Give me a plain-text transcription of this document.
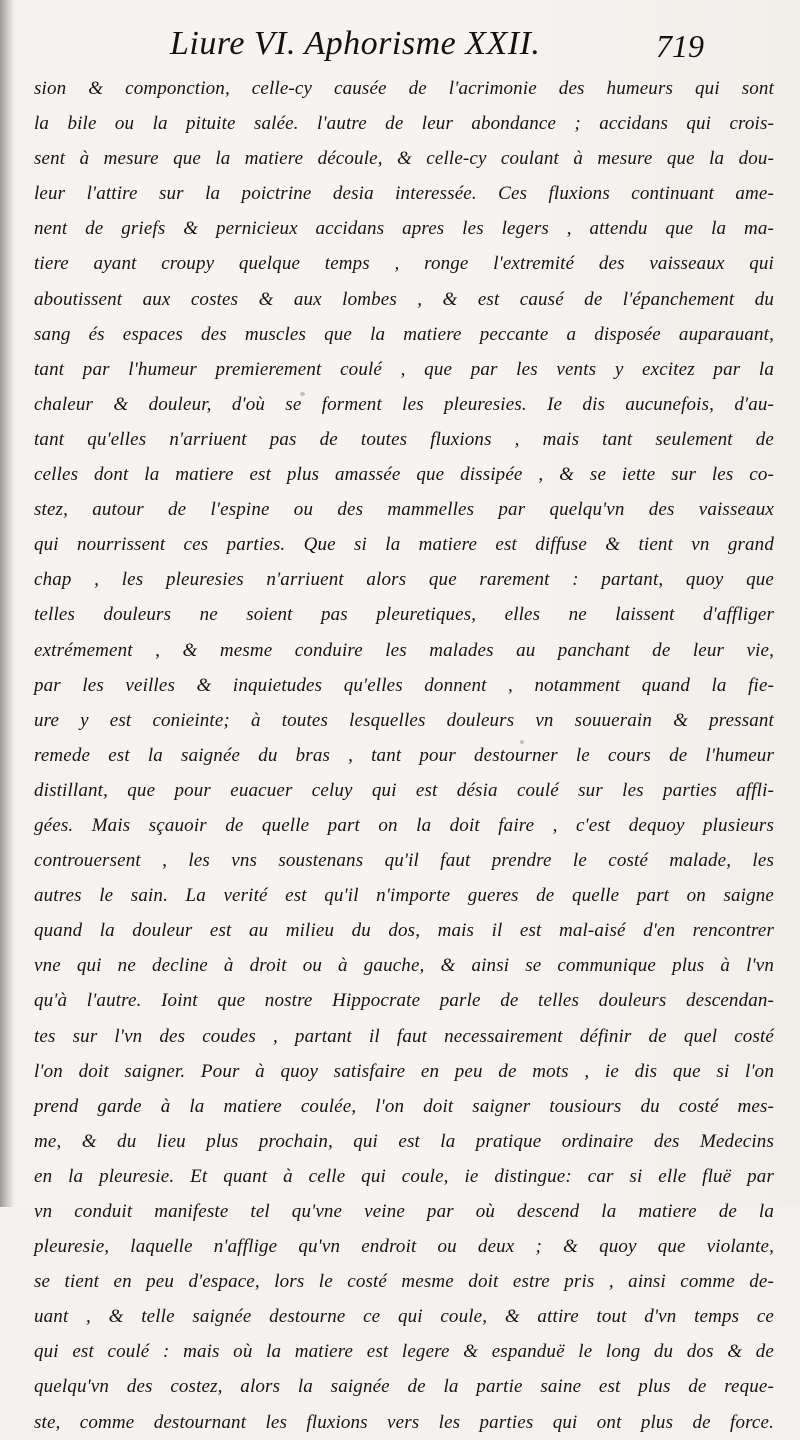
Liure VI. Aphorisme XXII.	719
sion & componction, celle-cy causée de l'acrimonie des humeurs qui sont
la bile ou la pituite salée. l'autre de leur abondance ; accidans qui crois-
sent à mesure que la matiere découle, & celle-cy coulant à mesure que la dou-
leur l'attire sur la poictrine desia interessée. Ces fluxions continuant ame-
nent de griefs & pernicieux accidans apres les legers , attendu que la ma-
tiere ayant croupy quelque temps , ronge l'extremité des vaisseaux qui
aboutissent aux costes & aux lombes , & est causé de l'épanchement du
sang és espaces des muscles que la matiere peccante a disposée auparauant,
tant par l'humeur premierement coulé , que par les vents y excitez par la
chaleur & douleur, d'où se forment les pleuresies. Ie dis aucunefois, d'au-
tant qu'elles n'arriuent pas de toutes fluxions , mais tant seulement de
celles dont la matiere est plus amassée que dissipée , & se iette sur les co-
stez, autour de l'espine ou des mammelles par quelqu'vn des vaisseaux
qui nourrissent ces parties. Que si la matiere est diffuse & tient vn grand
chap , les pleuresies n'arriuent alors que rarement : partant, quoy que
telles douleurs ne soient pas pleuretiques, elles ne laissent d'affliger
extrémement , & mesme conduire les malades au panchant de leur vie,
par les veilles & inquietudes qu'elles donnent , notamment quand la fie-
ure y est conieinte; à toutes lesquelles douleurs vn souuerain & pressant
remede est la saignée du bras , tant pour destourner le cours de l'humeur
distillant, que pour euacuer celuy qui est désia coulé sur les parties affli-
gées. Mais sçauoir de quelle part on la doit faire , c'est dequoy plusieurs
controuersent , les vns soustenans qu'il faut prendre le costé malade, les
autres le sain. La verité est qu'il n'importe gueres de quelle part on saigne
quand la douleur est au milieu du dos, mais il est mal-aisé d'en rencontrer
vne qui ne decline à droit ou à gauche, & ainsi se communique plus à l'vn
qu'à l'autre. Ioint que nostre Hippocrate parle de telles douleurs descendan-
tes sur l'vn des coudes , partant il faut necessairement définir de quel costé
l'on doit saigner. Pour à quoy satisfaire en peu de mots , ie dis que si l'on
prend garde à la matiere coulée, l'on doit saigner tousiours du costé mes-
me, & du lieu plus prochain, qui est la pratique ordinaire des Medecins
en la pleuresie. Et quant à celle qui coule, ie distingue: car si elle fluë par
vn conduit manifeste tel qu'vne veine par où descend la matiere de la
pleuresie, laquelle n'afflige qu'vn endroit ou deux ; & quoy que violante,
se tient en peu d'espace, lors le costé mesme doit estre pris , ainsi comme de-
uant , & telle saignée destourne ce qui coule, & attire tout d'vn temps ce
qui est coulé : mais où la matiere est legere & espanduë le long du dos & de
quelqu'vn des costez, alors la saignée de la partie saine est plus de reque-
ste, comme destournant les fluxions vers les parties qui ont plus de force.
